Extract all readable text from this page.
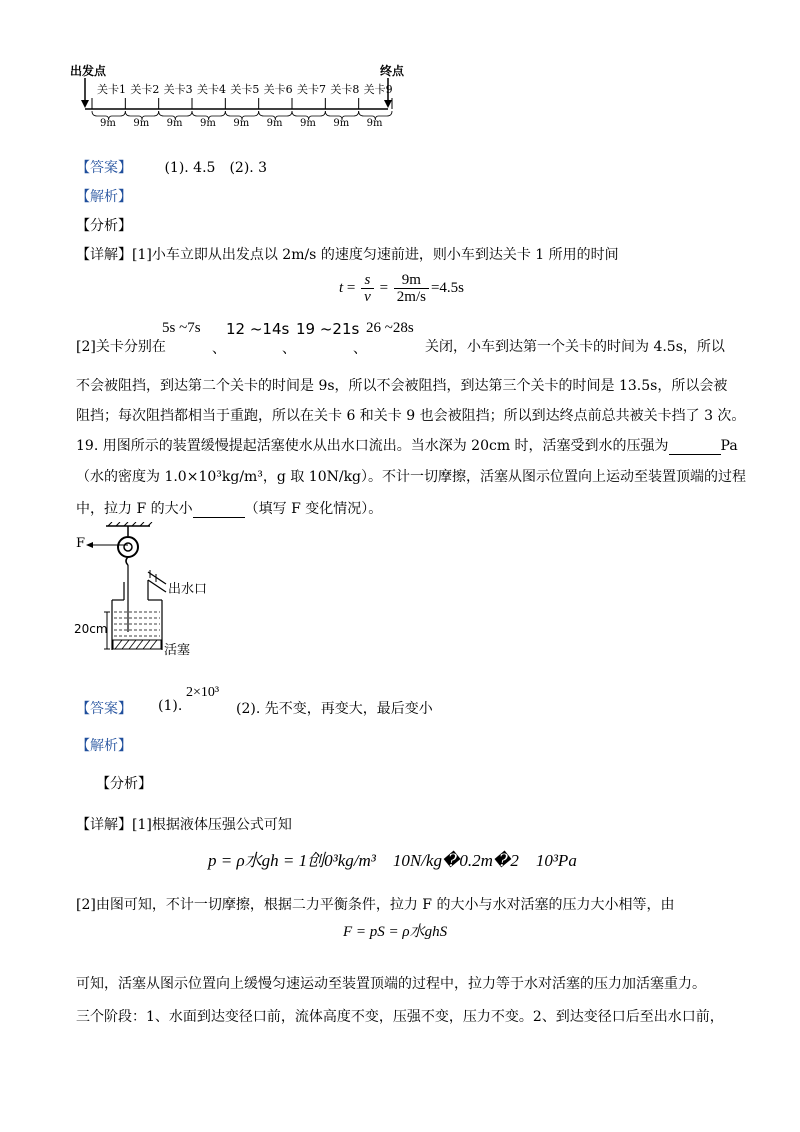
出发点	终点
关卡1 关卡2 关卡3 关卡4 关卡5 关卡6 关卡7 关卡8 关卡9
9m 9m 9m 9m 9m 9m 9m 9m 9m
【答案】 (1). 4.5　(2). 3
【解析】
【分析】
【详解】[1]小车立即从出发点以 2m/s 的速度匀速前进，则小车到达关卡 1 所用的时间
$t = \frac{s}{v} = \frac{9m}{2m/s} =4.5s$
[2]关卡分别在
5s ~7s
、
12 ~14s
、
19 ~21s
、
26 ~28s
关闭，小车到达第一个关卡的时间为 4.5s，所以
不会被阻挡，到达第二个关卡的时间是 9s，所以不会被阻挡，到达第三个关卡的时间是 13.5s，所以会被
阻挡；每次阻挡都相当于重跑，所以在关卡 6 和关卡 9 也会被阻挡；所以到达终点前总共被关卡挡了 3 次。
19. 用图所示的装置缓慢提起活塞使水从出水口流出。当水深为 20cm 时，活塞受到水的压强为	Pa
（水的密度为 1.0×10³kg/m³，g 取 10N/kg）。不计一切摩擦，活塞从图示位置向上运动至装置顶端的过程
中，拉力 F 的大小	（填写 F 变化情况）。
F
出水口
20cm
活塞
【答案】 (1).
2×10³
(2). 先不变，再变大，最后变小
【解析】
【分析】
【详解】[1]根据液体压强公式可知
p = ρ水gh = 1创0³kg/m³　10N/kg�0.2m�2　10³Pa
[2]由图可知，不计一切摩擦，根据二力平衡条件，拉力 F 的大小与水对活塞的压力大小相等，由
F = pS = ρ水ghS
可知，活塞从图示位置向上缓慢匀速运动至装置顶端的过程中，拉力等于水对活塞的压力加活塞重力。
三个阶段：1、水面到达变径口前，流体高度不变，压强不变，压力不变。2、到达变径口后至出水口前，
